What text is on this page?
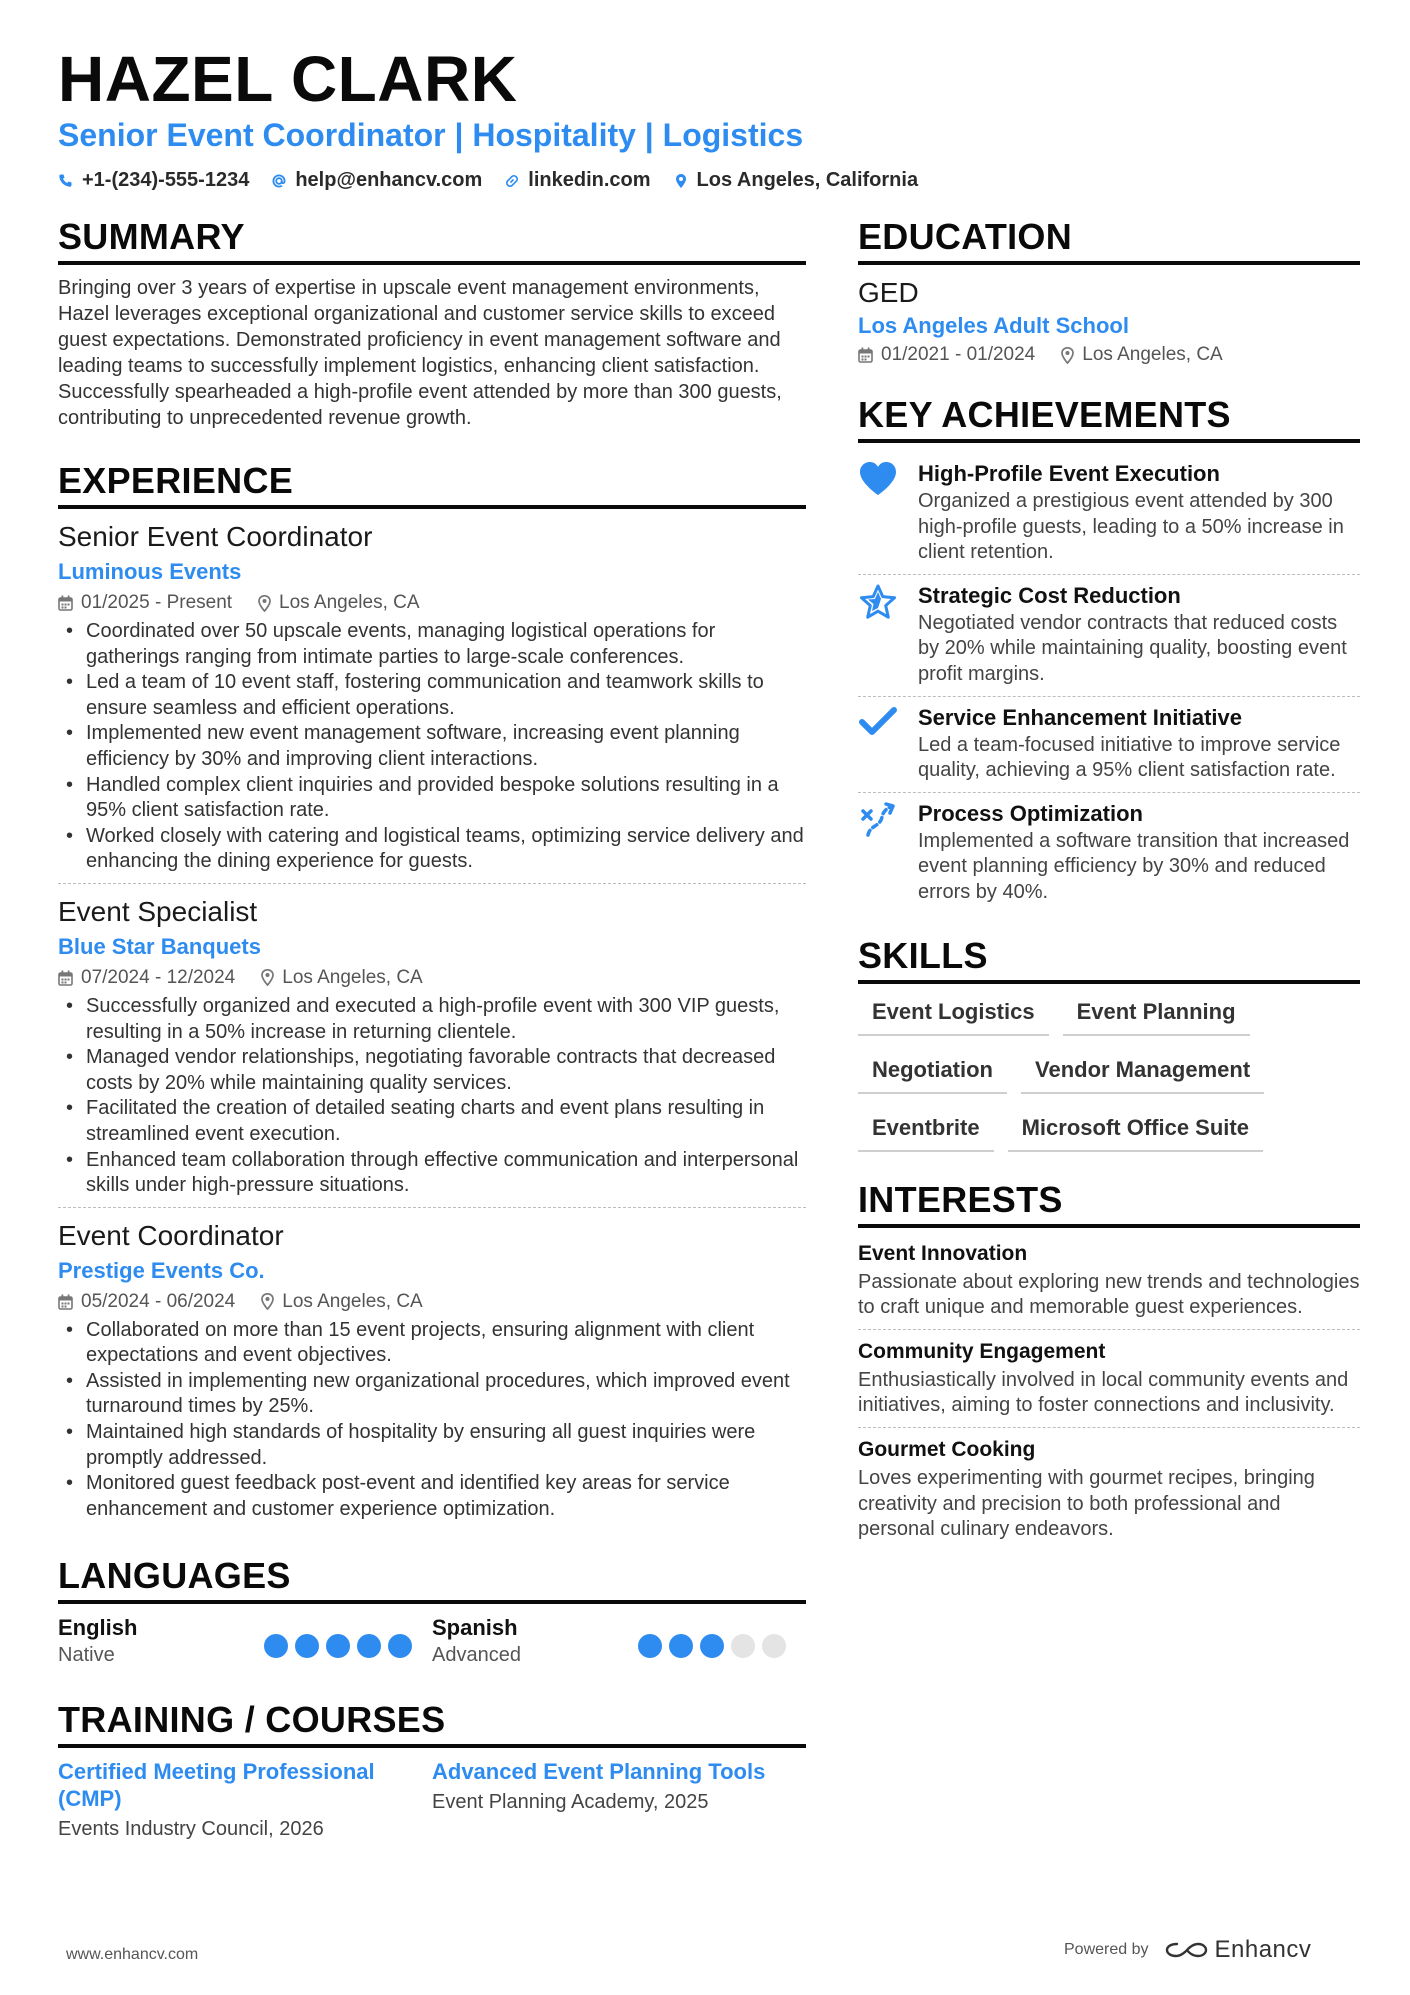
HAZEL CLARK
Senior Event Coordinator | Hospitality | Logistics
+1-(234)-555-1234 help@enhancv.com linkedin.com Los Angeles, California
SUMMARY
Bringing over 3 years of expertise in upscale event management environments, Hazel leverages exceptional organizational and customer service skills to exceed guest expectations. Demonstrated proficiency in event management software and leading teams to successfully implement logistics, enhancing client satisfaction. Successfully spearheaded a high-profile event attended by more than 300 guests, contributing to unprecedented revenue growth.
EXPERIENCE
Senior Event Coordinator
Luminous Events
01/2025 - Present Los Angeles, CA
• Coordinated over 50 upscale events, managing logistical operations for gatherings ranging from intimate parties to large-scale conferences.
• Led a team of 10 event staff, fostering communication and teamwork skills to ensure seamless and efficient operations.
• Implemented new event management software, increasing event planning efficiency by 30% and improving client interactions.
• Handled complex client inquiries and provided bespoke solutions resulting in a 95% client satisfaction rate.
• Worked closely with catering and logistical teams, optimizing service delivery and enhancing the dining experience for guests.
Event Specialist
Blue Star Banquets
07/2024 - 12/2024 Los Angeles, CA
• Successfully organized and executed a high-profile event with 300 VIP guests, resulting in a 50% increase in returning clientele.
• Managed vendor relationships, negotiating favorable contracts that decreased costs by 20% while maintaining quality services.
• Facilitated the creation of detailed seating charts and event plans resulting in streamlined event execution.
• Enhanced team collaboration through effective communication and interpersonal skills under high-pressure situations.
Event Coordinator
Prestige Events Co.
05/2024 - 06/2024 Los Angeles, CA
• Collaborated on more than 15 event projects, ensuring alignment with client expectations and event objectives.
• Assisted in implementing new organizational procedures, which improved event turnaround times by 25%.
• Maintained high standards of hospitality by ensuring all guest inquiries were promptly addressed.
• Monitored guest feedback post-event and identified key areas for service enhancement and customer experience optimization.
LANGUAGES
English
Native
Spanish
Advanced
TRAINING / COURSES
Certified Meeting Professional (CMP)
Events Industry Council, 2026
Advanced Event Planning Tools
Event Planning Academy, 2025
EDUCATION
GED
Los Angeles Adult School
01/2021 - 01/2024 Los Angeles, CA
KEY ACHIEVEMENTS
High-Profile Event Execution
Organized a prestigious event attended by 300 high-profile guests, leading to a 50% increase in client retention.
Strategic Cost Reduction
Negotiated vendor contracts that reduced costs by 20% while maintaining quality, boosting event profit margins.
Service Enhancement Initiative
Led a team-focused initiative to improve service quality, achieving a 95% client satisfaction rate.
Process Optimization
Implemented a software transition that increased event planning efficiency by 30% and reduced errors by 40%.
SKILLS
Event Logistics	Event Planning
Negotiation	Vendor Management
Eventbrite	Microsoft Office Suite
INTERESTS
Event Innovation
Passionate about exploring new trends and technologies to craft unique and memorable guest experiences.
Community Engagement
Enthusiastically involved in local community events and initiatives, aiming to foster connections and inclusivity.
Gourmet Cooking
Loves experimenting with gourmet recipes, bringing creativity and precision to both professional and personal culinary endeavors.
www.enhancv.com	Powered by	Enhancv
